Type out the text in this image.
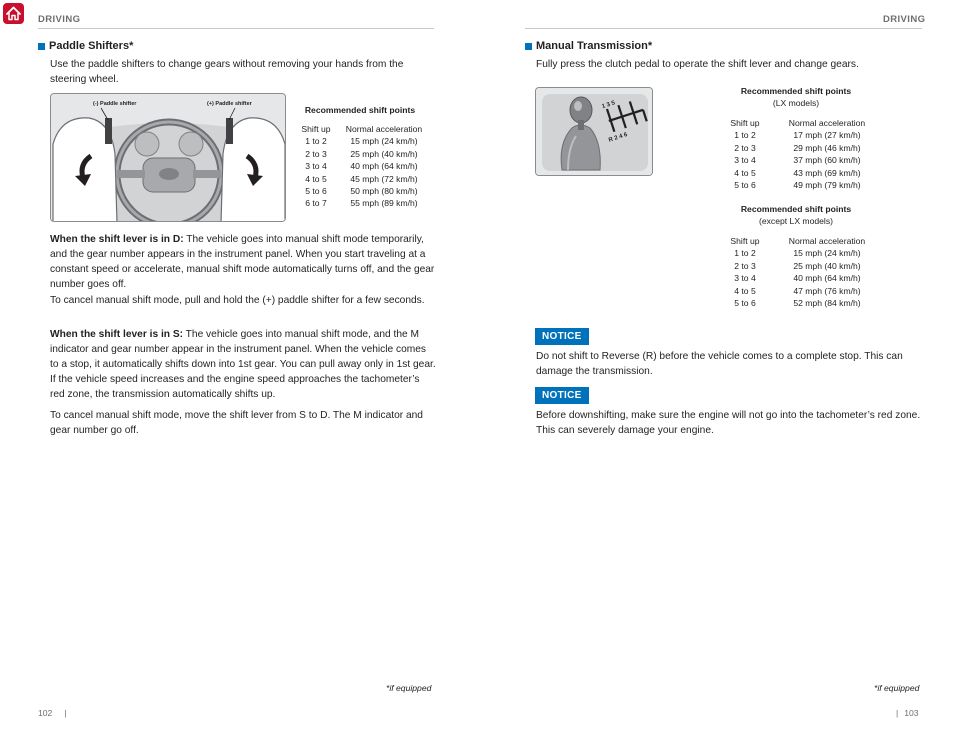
DRIVING
Paddle Shifters*
Use the paddle shifters to change gears without removing your hands from the steering wheel.
(-) Paddle shifter	(+) Paddle shifter
Recommended shift points
Shift up
1 to 2
2 to 3
3 to 4
4 to 5
5 to 6
6 to 7
Normal acceleration
15 mph (24 km/h)
25 mph (40 km/h)
40 mph (64 km/h)
45 mph (72 km/h)
50 mph (80 km/h)
55 mph (89 km/h)
When the shift lever is in D: The vehicle goes into manual shift mode temporarily, and the gear number appears in the instrument panel. When you start traveling at a constant speed or accelerate, manual shift mode automatically turns off, and the gear number goes off.
To cancel manual shift mode, pull and hold the (+) paddle shifter for a few seconds.
When the shift lever is in S: The vehicle goes into manual shift mode, and the M indicator and gear number appear in the instrument panel. When the vehicle comes to a stop, it automatically shifts down into 1st gear. You can pull away only in 1st gear. If the vehicle speed increases and the engine speed approaches the tachometer’s red zone, the transmission automatically shifts up.
To cancel manual shift mode, move the shift lever from S to D. The M indicator and gear number go off.
*if equipped
102 |
DRIVING
Manual Transmission*
Fully press the clutch pedal to operate the shift lever and change gears.
1 3 5
R 2 4 6
Recommended shift points
(LX models)
Shift up
1 to 2
2 to 3
3 to 4
4 to 5
5 to 6
Normal acceleration
17 mph (27 km/h)
29 mph (46 km/h)
37 mph (60 km/h)
43 mph (69 km/h)
49 mph (79 km/h)
Recommended shift points
(except LX models)
Shift up
1 to 2
2 to 3
3 to 4
4 to 5
5 to 6
Normal acceleration
15 mph (24 km/h)
25 mph (40 km/h)
40 mph (64 km/h)
47 mph (76 km/h)
52 mph (84 km/h)
NOTICE
Do not shift to Reverse (R) before the vehicle comes to a complete stop. This can damage the transmission.
NOTICE
Before downshifting, make sure the engine will not go into the tachometer’s red zone. This can severely damage your engine.
*if equipped
| 103
